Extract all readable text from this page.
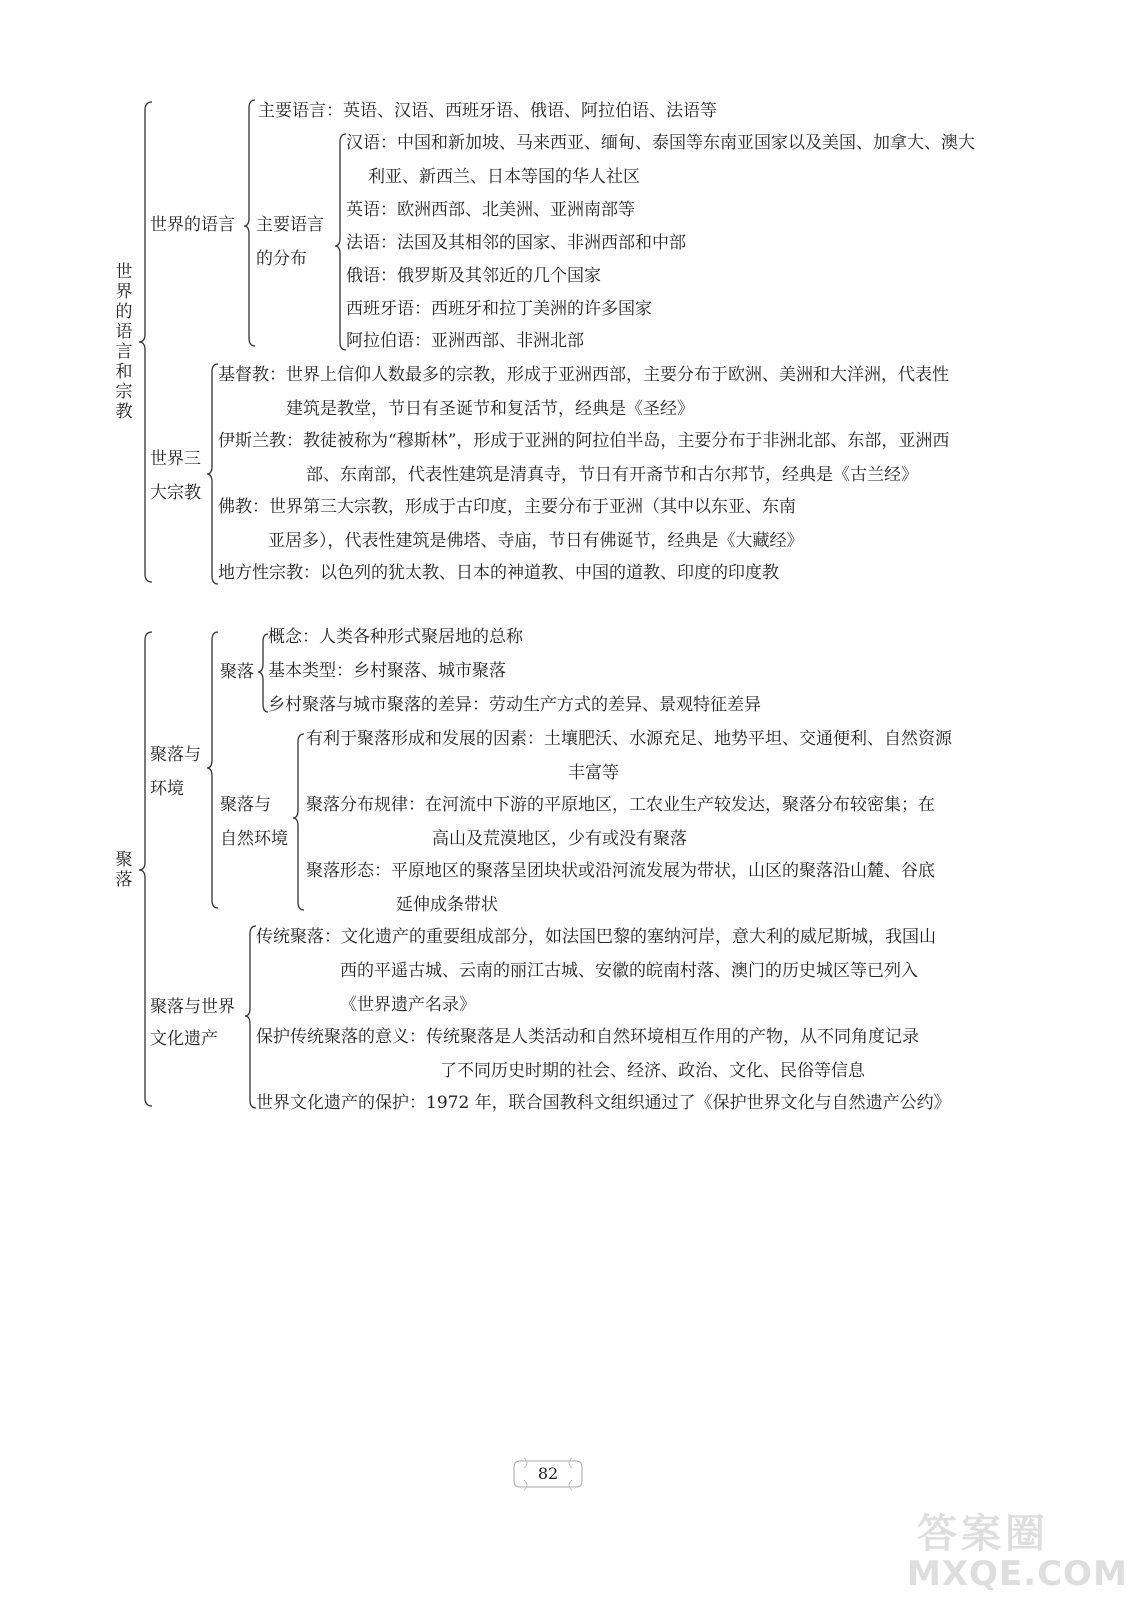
世界的语言和宗教
世界的语言
主要语言：英语、汉语、西班牙语、俄语、阿拉伯语、法语等
主要语言
的分布
汉语：中国和新加坡、马来西亚、缅甸、泰国等东南亚国家以及美国、加拿大、澳大
利亚、新西兰、日本等国的华人社区
英语：欧洲西部、北美洲、亚洲南部等
法语：法国及其相邻的国家、非洲西部和中部
俄语：俄罗斯及其邻近的几个国家
西班牙语：西班牙和拉丁美洲的许多国家
阿拉伯语：亚洲西部、非洲北部
世界三
大宗教
基督教：世界上信仰人数最多的宗教，形成于亚洲西部，主要分布于欧洲、美洲和大洋洲，代表性
建筑是教堂，节日有圣诞节和复活节，经典是《圣经》
伊斯兰教：教徒被称为“穆斯林”，形成于亚洲的阿拉伯半岛，主要分布于非洲北部、东部，亚洲西
部、东南部，代表性建筑是清真寺，节日有开斋节和古尔邦节，经典是《古兰经》
佛教：世界第三大宗教，形成于古印度，主要分布于亚洲（其中以东亚、东南
亚居多），代表性建筑是佛塔、寺庙，节日有佛诞节，经典是《大藏经》
地方性宗教：以色列的犹太教、日本的神道教、中国的道教、印度的印度教
聚落
聚落与
环境
聚落
概念：人类各种形式聚居地的总称
基本类型：乡村聚落、城市聚落
乡村聚落与城市聚落的差异：劳动生产方式的差异、景观特征差异
聚落与
自然环境
有利于聚落形成和发展的因素：土壤肥沃、水源充足、地势平坦、交通便利、自然资源
丰富等
聚落分布规律：在河流中下游的平原地区，工农业生产较发达，聚落分布较密集；在
高山及荒漠地区，少有或没有聚落
聚落形态：平原地区的聚落呈团块状或沿河流发展为带状，山区的聚落沿山麓、谷底
延伸成条带状
聚落与世界
文化遗产
传统聚落：文化遗产的重要组成部分，如法国巴黎的塞纳河岸，意大利的威尼斯城，我国山
西的平遥古城、云南的丽江古城、安徽的皖南村落、澳门的历史城区等已列入
《世界遗产名录》
保护传统聚落的意义：传统聚落是人类活动和自然环境相互作用的产物，从不同角度记录
了不同历史时期的社会、经济、政治、文化、民俗等信息
世界文化遗产的保护：1972 年，联合国教科文组织通过了《保护世界文化与自然遗产公约》
82
答案圈
MXQE.COM
